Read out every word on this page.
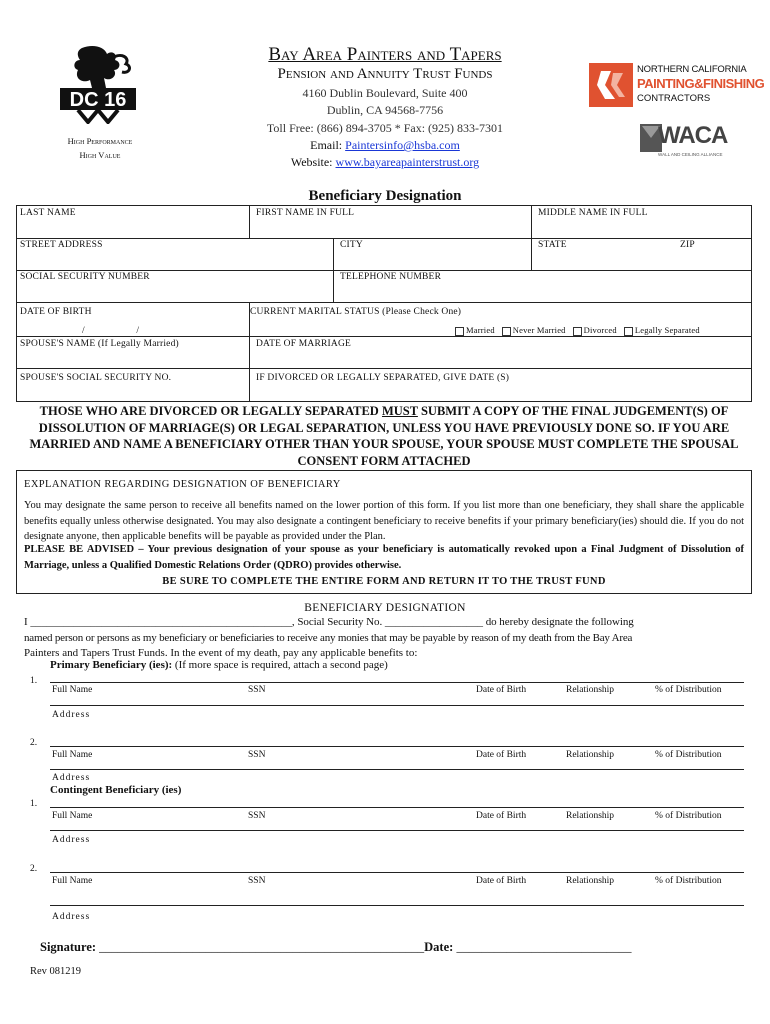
DC 16
High Performance
High Value
Bay Area Painters and Tapers
Pension and Annuity Trust Funds
4160 Dublin Boulevard, Suite 400
Dublin, CA 94568-7756
Toll Free: (866) 894-3705 * Fax: (925) 833-7301
Email: Paintersinfo@hsba.com
Website: www.bayareapainterstrust.org
NORTHERN CALIFORNIA
PAINTING&FINISHING
CONTRACTORS
WACA
WALL AND CEILING ALLIANCE
Beneficiary Designation
LAST NAME	FIRST NAME IN FULL	MIDDLE NAME IN FULL
STREET ADDRESS	CITY	STATE	ZIP
SOCIAL SECURITY NUMBER	TELEPHONE NUMBER
DATE OF BIRTH
/                    /
CURRENT MARITAL STATUS (Please Check One)
Married Never Married Divorced Legally Separated
SPOUSE'S NAME (If Legally Married)	DATE OF MARRIAGE
SPOUSE'S SOCIAL SECURITY NO.	IF DIVORCED OR LEGALLY SEPARATED, GIVE DATE (S)
THOSE WHO ARE DIVORCED OR LEGALLY SEPARATED MUST SUBMIT A COPY OF THE FINAL JUDGEMENT(S) OF DISSOLUTION OF MARRIAGE(S) OR LEGAL SEPARATION, UNLESS YOU HAVE PREVIOUSLY DONE SO. IF YOU ARE MARRIED AND NAME A BENEFICIARY OTHER THAN YOUR SPOUSE, YOUR SPOUSE MUST COMPLETE THE SPOUSAL CONSENT FORM ATTACHED
EXPLANATION REGARDING DESIGNATION OF BENEFICIARY
You may designate the same person to receive all benefits named on the lower portion of this form. If you list more than one beneficiary, they shall share the applicable benefits equally unless otherwise designated. You may also designate a contingent beneficiary to receive benefits if your primary beneficiary(ies) should die. If you do not designate anyone, then applicable benefits will be payable as provided under the Plan.
PLEASE BE ADVISED – Your previous designation of your spouse as your beneficiary is automatically revoked upon a Final Judgment of Dissolution of Marriage, unless a Qualified Domestic Relations Order (QDRO) provides otherwise.
BE SURE TO COMPLETE THE ENTIRE FORM AND RETURN IT TO THE TRUST FUND
BENEFICIARY DESIGNATION
I ________________________________________________, Social Security No. __________________ do hereby designate the following
named person or persons as my beneficiary or beneficiaries to receive any monies that may be payable by reason of my death from the Bay Area
Painters and Tapers Trust Funds. In the event of my death, pay any applicable benefits to:
Primary Beneficiary (ies): (If more space is required, attach a second page)
1.
Full Name	SSN	Date of Birth	Relationship	% of Distribution
Address
2.
Full Name	SSN	Date of Birth	Relationship	% of Distribution
Address
Contingent Beneficiary (ies)
1.
Full Name	SSN	Date of Birth	Relationship	% of Distribution
Address
2.
Full Name	SSN	Date of Birth	Relationship	% of Distribution
Address
Signature: ____________________________________________________Date: ____________________________
Rev 081219
